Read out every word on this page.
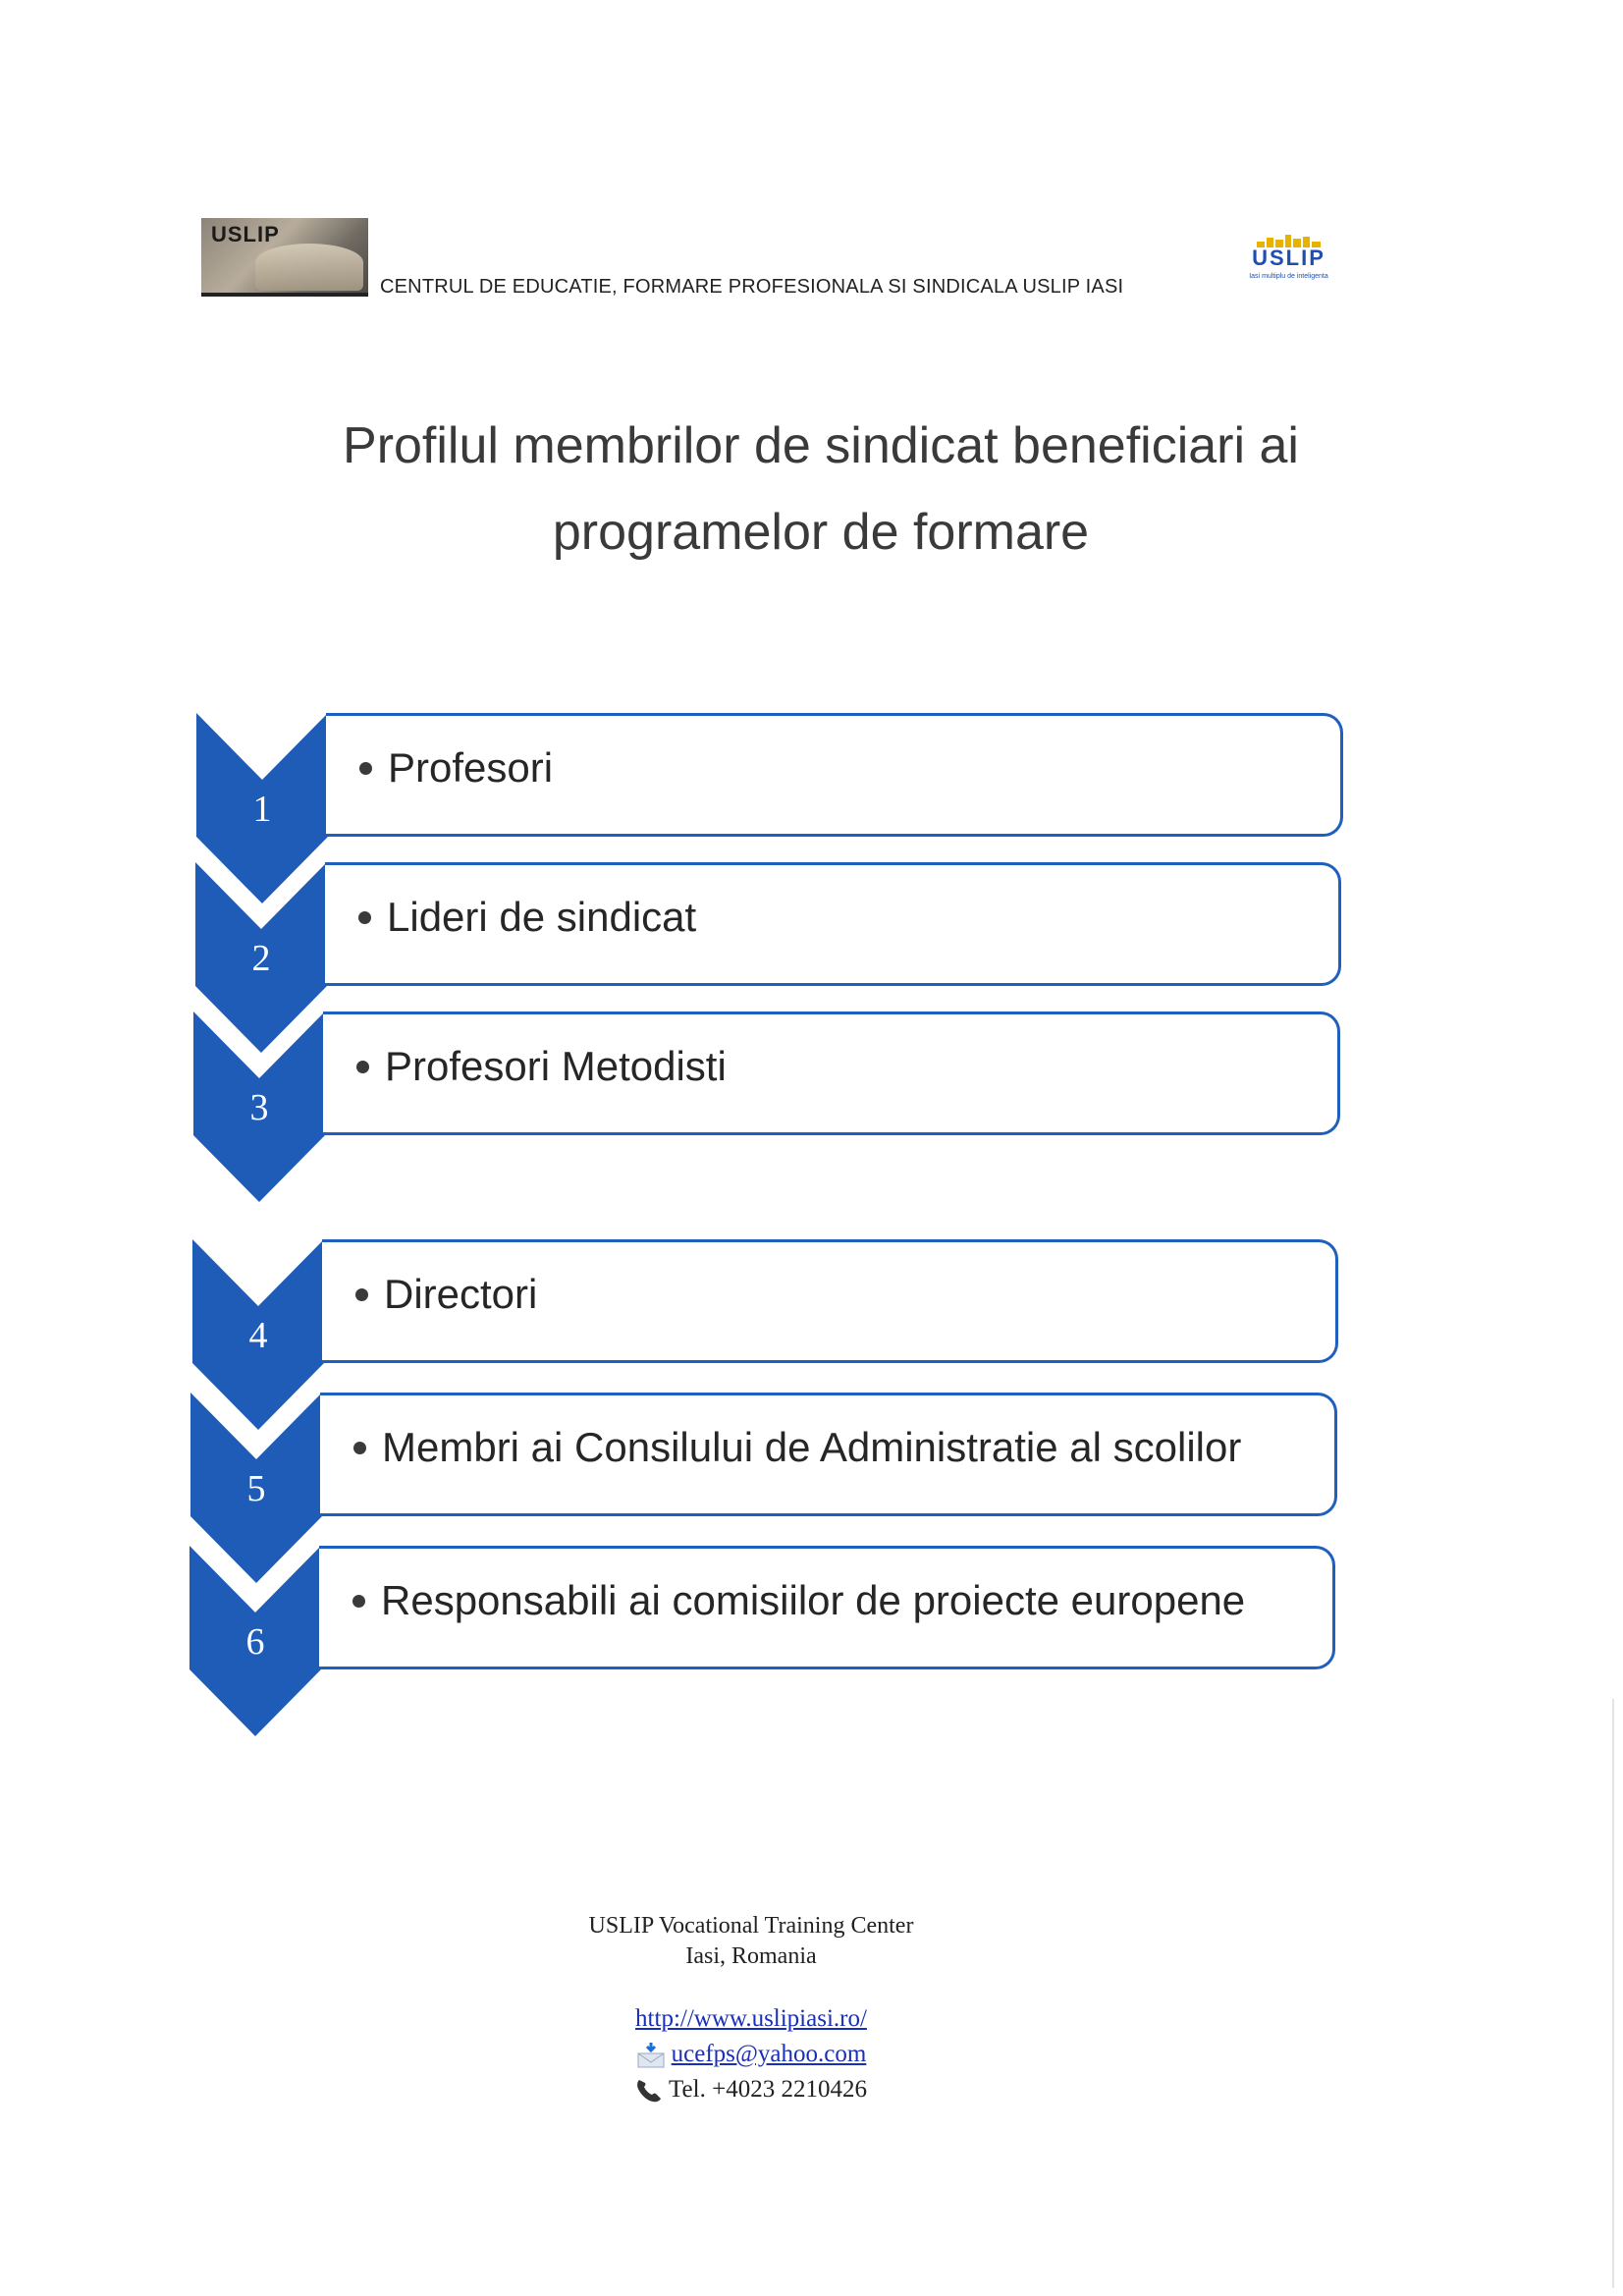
USLIP
CENTRUL DE EDUCATIE, FORMARE PROFESIONALA SI SINDICALA USLIP IASI
USLIP
Iasi multiplu de inteligenta
Profilul membrilor de sindicat beneficiari ai
programelor de formare
1
Profesori
2
Lideri de sindicat
3
Profesori Metodisti
4
Directori
5
Membri ai Consilului de Administratie al scolilor
6
Responsabili ai comisiilor de proiecte europene
USLIP Vocational Training Center
Iasi, Romania
http://www.uslipiasi.ro/
ucefps@yahoo.com
Tel. +4023 2210426
